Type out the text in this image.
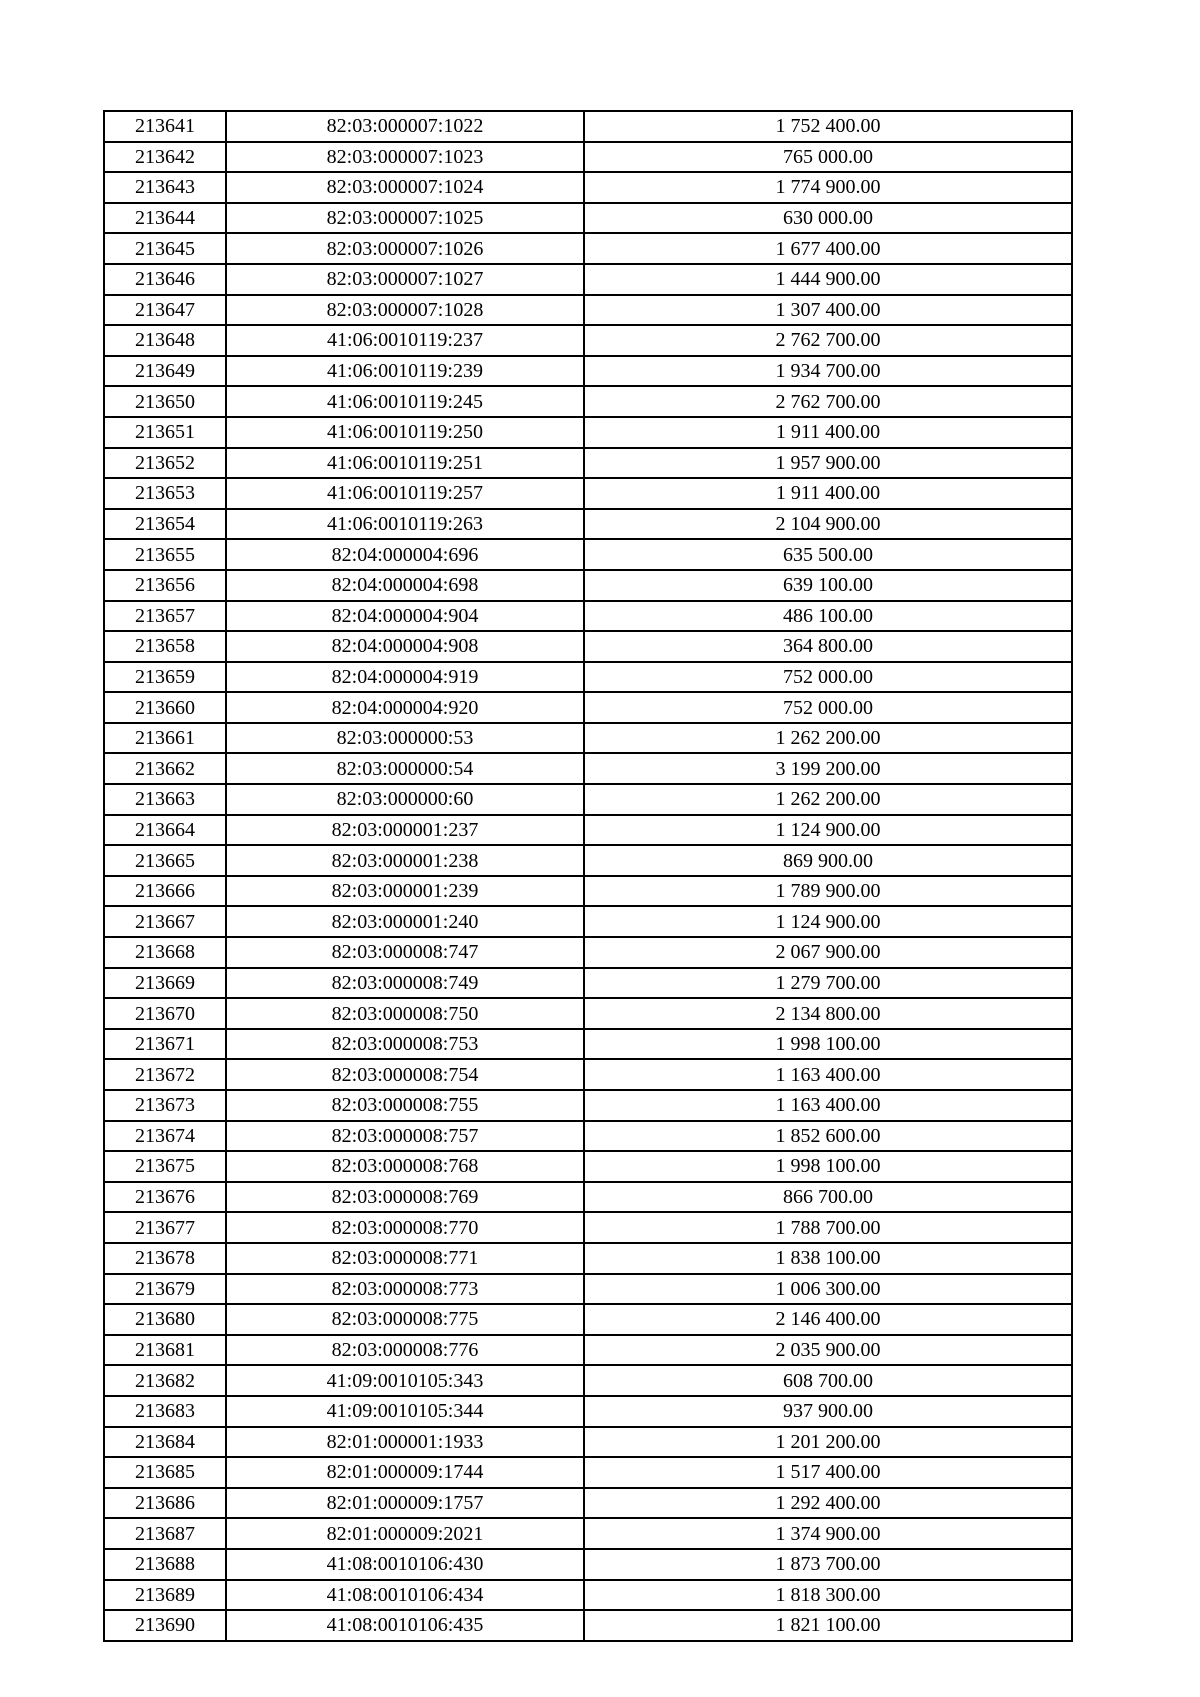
213641	82:03:000007:1022	1 752 400.00
213642	82:03:000007:1023	765 000.00
213643	82:03:000007:1024	1 774 900.00
213644	82:03:000007:1025	630 000.00
213645	82:03:000007:1026	1 677 400.00
213646	82:03:000007:1027	1 444 900.00
213647	82:03:000007:1028	1 307 400.00
213648	41:06:0010119:237	2 762 700.00
213649	41:06:0010119:239	1 934 700.00
213650	41:06:0010119:245	2 762 700.00
213651	41:06:0010119:250	1 911 400.00
213652	41:06:0010119:251	1 957 900.00
213653	41:06:0010119:257	1 911 400.00
213654	41:06:0010119:263	2 104 900.00
213655	82:04:000004:696	635 500.00
213656	82:04:000004:698	639 100.00
213657	82:04:000004:904	486 100.00
213658	82:04:000004:908	364 800.00
213659	82:04:000004:919	752 000.00
213660	82:04:000004:920	752 000.00
213661	82:03:000000:53	1 262 200.00
213662	82:03:000000:54	3 199 200.00
213663	82:03:000000:60	1 262 200.00
213664	82:03:000001:237	1 124 900.00
213665	82:03:000001:238	869 900.00
213666	82:03:000001:239	1 789 900.00
213667	82:03:000001:240	1 124 900.00
213668	82:03:000008:747	2 067 900.00
213669	82:03:000008:749	1 279 700.00
213670	82:03:000008:750	2 134 800.00
213671	82:03:000008:753	1 998 100.00
213672	82:03:000008:754	1 163 400.00
213673	82:03:000008:755	1 163 400.00
213674	82:03:000008:757	1 852 600.00
213675	82:03:000008:768	1 998 100.00
213676	82:03:000008:769	866 700.00
213677	82:03:000008:770	1 788 700.00
213678	82:03:000008:771	1 838 100.00
213679	82:03:000008:773	1 006 300.00
213680	82:03:000008:775	2 146 400.00
213681	82:03:000008:776	2 035 900.00
213682	41:09:0010105:343	608 700.00
213683	41:09:0010105:344	937 900.00
213684	82:01:000001:1933	1 201 200.00
213685	82:01:000009:1744	1 517 400.00
213686	82:01:000009:1757	1 292 400.00
213687	82:01:000009:2021	1 374 900.00
213688	41:08:0010106:430	1 873 700.00
213689	41:08:0010106:434	1 818 300.00
213690	41:08:0010106:435	1 821 100.00
